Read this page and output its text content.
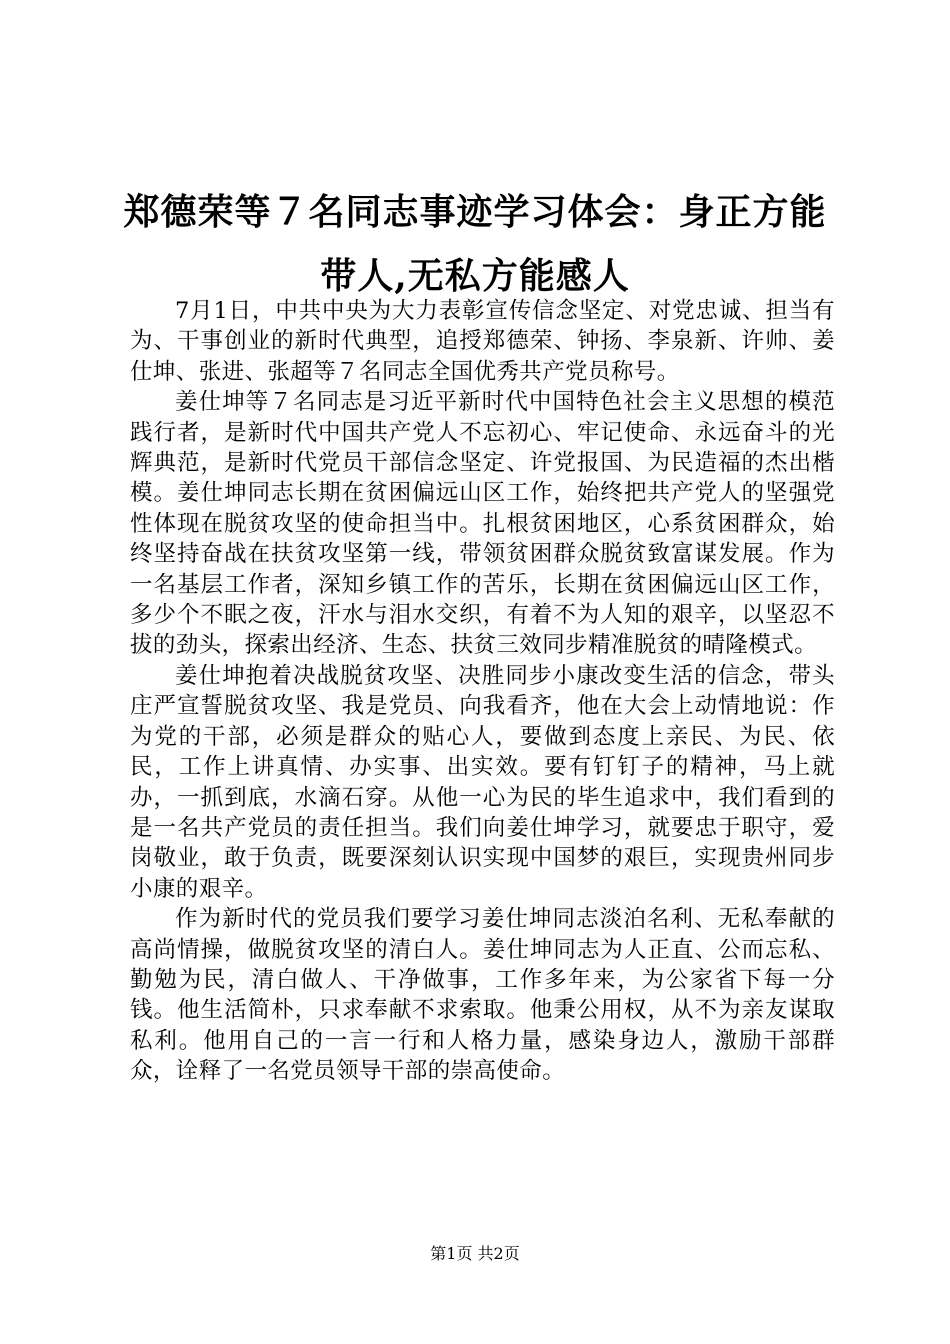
郑德荣等７名同志事迹学习体会：身正方能带人,无私方能感人

7月1日，中共中央为大力表彰宣传信念坚定、对党忠诚、担当有为、干事创业的新时代典型，追授郑德荣、钟扬、李泉新、许帅、姜仕坤、张进、张超等７名同志全国优秀共产党员称号。

姜仕坤等７名同志是习近平新时代中国特色社会主义思想的模范践行者，是新时代中国共产党人不忘初心、牢记使命、永远奋斗的光辉典范，是新时代党员干部信念坚定、许党报国、为民造福的杰出楷模。姜仕坤同志长期在贫困偏远山区工作，始终把共产党人的坚强党性体现在脱贫攻坚的使命担当中。扎根贫困地区，心系贫困群众，始终坚持奋战在扶贫攻坚第一线，带领贫困群众脱贫致富谋发展。作为一名基层工作者，深知乡镇工作的苦乐，长期在贫困偏远山区工作，多少个不眠之夜，汗水与泪水交织，有着不为人知的艰辛，以坚忍不拔的劲头，探索出经济、生态、扶贫三效同步精准脱贫的晴隆模式。

姜仕坤抱着决战脱贫攻坚、决胜同步小康改变生活的信念，带头庄严宣誓脱贫攻坚、我是党员、向我看齐，他在大会上动情地说：作为党的干部，必须是群众的贴心人，要做到态度上亲民、为民、依民，工作上讲真情、办实事、出实效。要有钉钉子的精神，马上就办，一抓到底，水滴石穿。从他一心为民的毕生追求中，我们看到的是一名共产党员的责任担当。我们向姜仕坤学习，就要忠于职守，爱岗敬业，敢于负责，既要深刻认识实现中国梦的艰巨，实现贵州同步小康的艰辛。

作为新时代的党员我们要学习姜仕坤同志淡泊名利、无私奉献的高尚情操，做脱贫攻坚的清白人。姜仕坤同志为人正直、公而忘私、勤勉为民，清白做人、干净做事，工作多年来，为公家省下每一分钱。他生活简朴，只求奉献不求索取。他秉公用权，从不为亲友谋取私利。他用自己的一言一行和人格力量，感染身边人，激励干部群众，诠释了一名党员领导干部的崇高使命。

第1页 共2页
